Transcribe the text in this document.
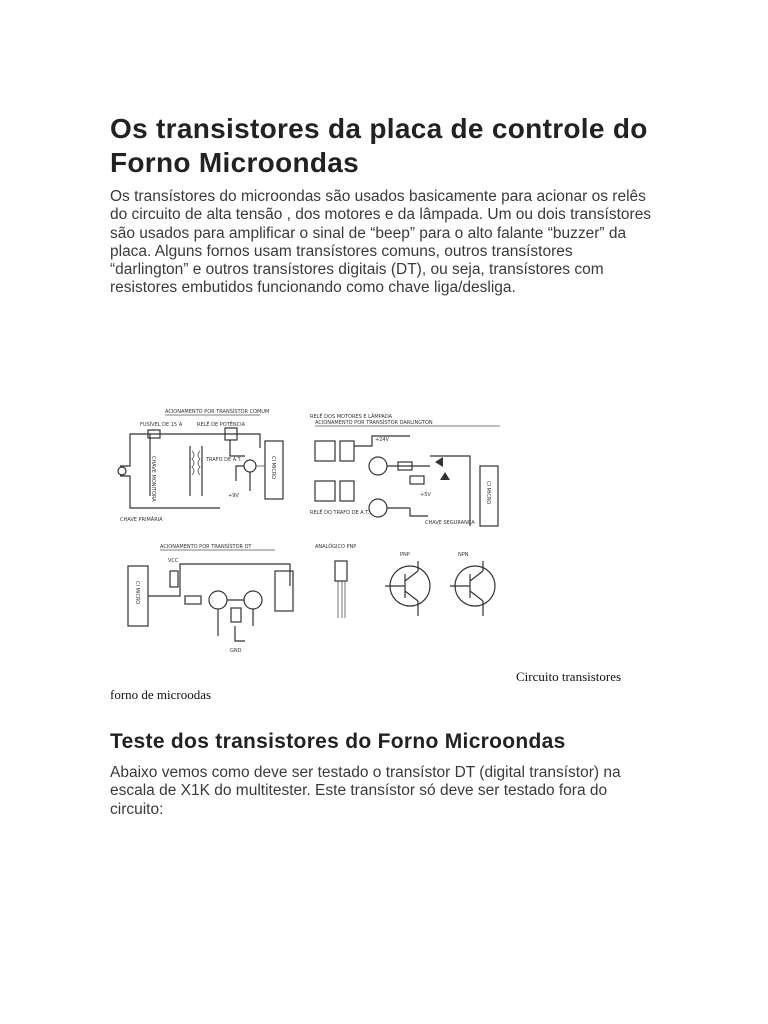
Os transistores da placa de controle do Forno Microondas

Os transístores do microondas são usados basicamente para acionar os relês do circuito de alta tensão , dos motores e da lâmpada. Um ou dois transístores são usados para amplificar o sinal de “beep” para o alto falante “buzzer” da placa. Alguns fornos usam transístores comuns, outros transístores “darlington” e outros transístores digitais (DT), ou seja, transístores com resistores embutidos funcionando como chave liga/desliga.

ACIONAMENTO POR TRANSÍSTOR COMUM
FUSÍVEL DE 15 A	RELÊ DE POTÊNCIA
CHAVE MONITORA	TRAFO DE A.T.
+9V
CI MICRO
CHAVE PRIMÁRIA
ACIONAMENTO POR TRANSÍSTOR DARLINGTON
RELÊ DOS MOTORES E LÂMPADA
+24V
+5V	CI MICRO
CHAVE SEGURANÇA
RELÊ DO TRAFO DE A.T.
ACIONAMENTO POR TRANSÍSTOR DT
VCC
CI MICRO
GND
ANALÓGICO PNP
PNP	NPN
Circuito transistores forno de microodas
Teste dos transistores do Forno Microondas

Abaixo vemos como deve ser testado o transístor DT (digital transístor) na escala de X1K do multitester. Este transístor só deve ser testado fora do circuito:
